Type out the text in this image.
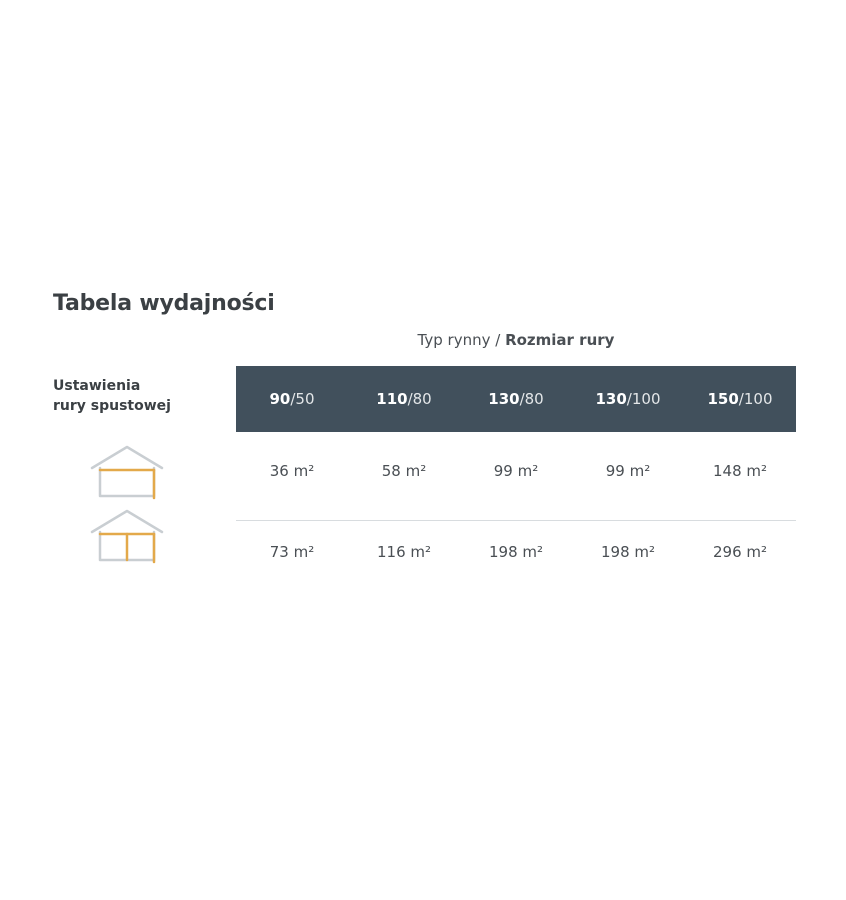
Tabela wydajności
Typ rynny / Rozmiar rury
Ustawienia
rury spustowej	90 / 50	110 / 80	130 / 80	130 / 100	150 / 100
36 m²	58 m²	99 m²	99 m²	148 m²
73 m²	116 m²	198 m²	198 m²	296 m²
